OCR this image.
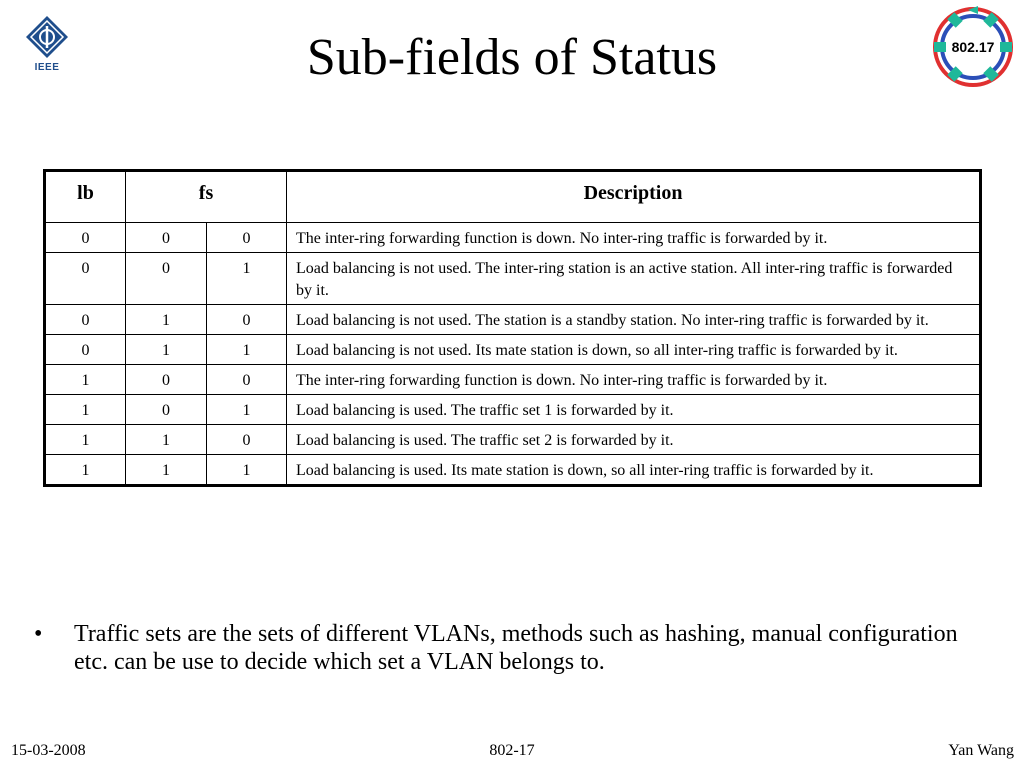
IEEE
802.17
Sub-fields of Status
lb	fs		Description
0	0	0	The inter-ring forwarding function is down. No inter-ring traffic is forwarded by it.
0	0	1	Load balancing is not used. The inter-ring station is an active station. All inter-ring traffic is forwarded by it.
0	1	0	Load balancing is not used. The station is a standby station. No inter-ring traffic is forwarded by it.
0	1	1	Load balancing is not used. Its mate station is down, so all inter-ring traffic is forwarded by it.
1	0	0	The inter-ring forwarding function is down. No inter-ring traffic is forwarded by it.
1	0	1	Load balancing is used. The traffic set 1 is forwarded by it.
1	1	0	Load balancing is used. The traffic set 2 is forwarded by it.
1	1	1	Load balancing is used. Its mate station is down, so all inter-ring traffic is forwarded by it.
•	Traffic sets are the sets of different VLANs, methods such as hashing, manual configuration etc. can be use to decide which set a VLAN belongs to.
15-03-2008	802-17	Yan Wang
